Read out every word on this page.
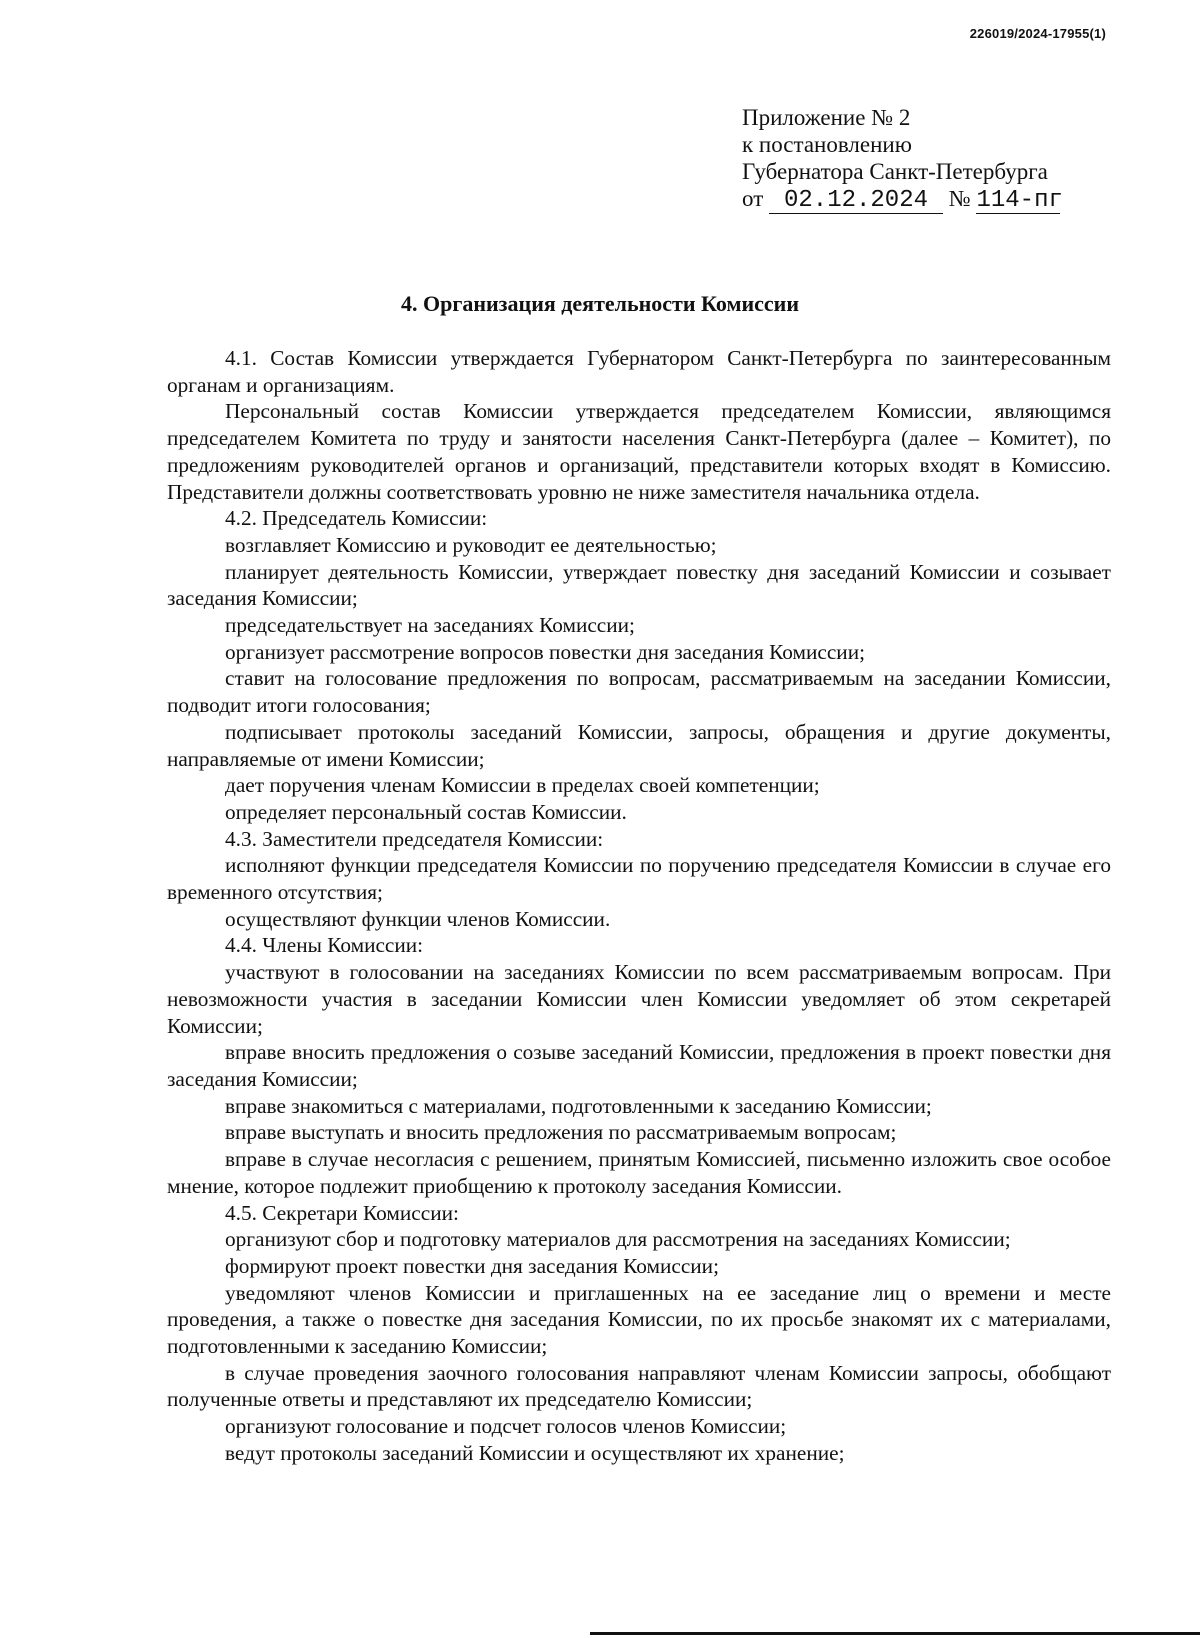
226019/2024-17955(1)
Приложение № 2
к постановлению
Губернатора Санкт-Петербурга
от 02.12.2024 № 114-пг
4. Организация деятельности Комиссии

4.1. Состав Комиссии утверждается Губернатором Санкт-Петербурга по заинтересованным органам и организациям.

Персональный состав Комиссии утверждается председателем Комиссии, являющимся председателем Комитета по труду и занятости населения Санкт-Петербурга (далее – Комитет), по предложениям руководителей органов и организаций, представители которых входят в Комиссию. Представители должны соответствовать уровню не ниже заместителя начальника отдела.

4.2. Председатель Комиссии:

возглавляет Комиссию и руководит ее деятельностью;

планирует деятельность Комиссии, утверждает повестку дня заседаний Комиссии и созывает заседания Комиссии;

председательствует на заседаниях Комиссии;

организует рассмотрение вопросов повестки дня заседания Комиссии;

ставит на голосование предложения по вопросам, рассматриваемым на заседании Комиссии, подводит итоги голосования;

подписывает протоколы заседаний Комиссии, запросы, обращения и другие документы, направляемые от имени Комиссии;

дает поручения членам Комиссии в пределах своей компетенции;

определяет персональный состав Комиссии.

4.3. Заместители председателя Комиссии:

исполняют функции председателя Комиссии по поручению председателя Комиссии в случае его временного отсутствия;

осуществляют функции членов Комиссии.

4.4. Члены Комиссии:

участвуют в голосовании на заседаниях Комиссии по всем рассматриваемым вопросам. При невозможности участия в заседании Комиссии член Комиссии уведомляет об этом секретарей Комиссии;

вправе вносить предложения о созыве заседаний Комиссии, предложения в проект повестки дня заседания Комиссии;

вправе знакомиться с материалами, подготовленными к заседанию Комиссии;

вправе выступать и вносить предложения по рассматриваемым вопросам;

вправе в случае несогласия с решением, принятым Комиссией, письменно изложить свое особое мнение, которое подлежит приобщению к протоколу заседания Комиссии.

4.5. Секретари Комиссии:

организуют сбор и подготовку материалов для рассмотрения на заседаниях Комиссии;

формируют проект повестки дня заседания Комиссии;

уведомляют членов Комиссии и приглашенных на ее заседание лиц о времени и месте проведения, а также о повестке дня заседания Комиссии, по их просьбе знакомят их с материалами, подготовленными к заседанию Комиссии;

в случае проведения заочного голосования направляют членам Комиссии запросы, обобщают полученные ответы и представляют их председателю Комиссии;

организуют голосование и подсчет голосов членов Комиссии;

ведут протоколы заседаний Комиссии и осуществляют их хранение;
